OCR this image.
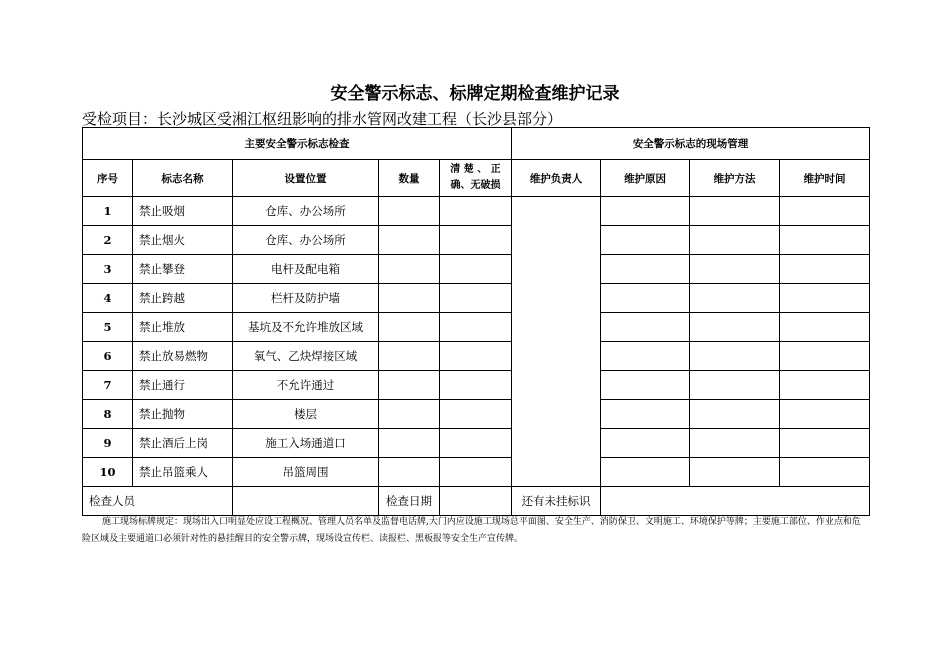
安全警示标志、标牌定期检查维护记录
受检项目：长沙城区受湘江枢纽影响的排水管网改建工程（长沙县部分）
主要安全警示标志检查					安全警示标志的现场管理			
序号	标志名称	设置位置	数量	清 楚 、 正
确、无破损	维护负责人	维护原因	维护方法	维护时间
1	禁止吸烟	仓库、办公场所						
2	禁止烟火	仓库、办公场所						
3	禁止攀登	电杆及配电箱						
4	禁止跨越	栏杆及防护墙						
5	禁止堆放	基坑及不允许堆放区域						
6	禁止放易燃物	氧气、乙炔焊接区域						
7	禁止通行	不允许通过						
8	禁止抛物	楼层						
9	禁止酒后上岗	施工入场通道口						
10	禁止吊篮乘人	吊篮周围						
检查人员			检查日期		还有未挂标识			
施工现场标牌规定：现场出入口明显处应设工程概况、管理人员名单及监督电话牌,大门内应设施工现场总平面图、安全生产、消防保卫、文明施工、环境保护等牌；主要施工部位、作业点和危险区域及主要通道口必须针对性的悬挂醒目的安全警示牌，现场设宣传栏、读报栏、黑板报等安全生产宣传牌。
